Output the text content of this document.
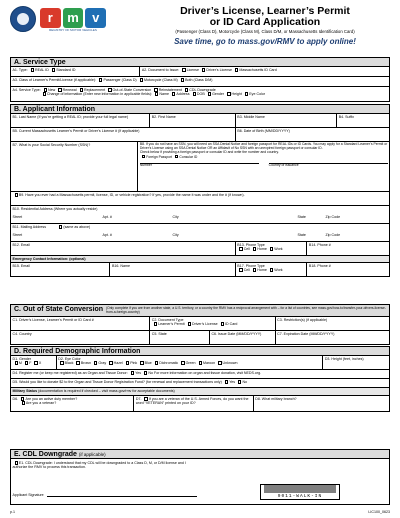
r	m	v
REGISTRY OF MOTOR VEHICLES
Driver’s License, Learner’s Permit
or ID Card Application
(Passenger (Class D), Motorcycle (Class M), Class D/M, or Massachusetts Identification Card)
Save time, go to mass.gov/RMV to apply online!
A. Service Type
A1. Type: REAL ID Standard ID	A2. Document to Issue: License Driver’s License Massachusetts ID Card
A3. Class of Learner’s Permit/License (if applicable): Passenger (Class D) Motorcycle (Class M) Both (Class D/M)
A4. Service Type: New Renewal Replacement Out-of-State Conversion Reinstatement CDL Downgrade
Change of information (Enter new information in applicable fields): Name Address DOB Gender Height Eye Color
B. Applicant Information
B1. Last Name (If you’re getting a REAL ID; provide your full legal name)	B2. First Name	B3. Middle Name	B4. Suffix
B5. Current Massachusetts Learner’s Permit or Driver’s License # (if applicable)	B6. Date of Birth (MM/DD/YYYY)
B7. What is your Social Security Number (SSN)?	B8. If you do not have an SSN, you will need an SSA Denial Notice and foreign passport for REAL IDs or ID Cards. You may apply for a Standard Learner’s Permit or Driver’s License using an SSA Denial Notice OR an Affidavit of No SSN with an unexpired foreign passport or consular ID.
Check below if providing a foreign passport or consular ID and write the number and country.
Foreign Passport Consular ID
Number	Country of issuance
B9. Have you ever had a Massachusetts permit, license, ID, or vehicle registration? If yes, provide the name it was under and the # (if known).
B10. Residential Address (Where you actually reside)
Street	Apt. #	City	State	Zip Code
B11. Mailing Address	(same as above)
Street	Apt. #	City	State	Zip Code
B12. Email	B13. Phone Type
Cell Home Work
B14. Phone #
Emergency Contact Information: (optional)
B15. Email	B16. Name	B17. Phone Type
Cell Home Work
B18. Phone #
C. Out of State Conversion (Only complete if you are from another state, a U.S. territory, or a country the RMV has a reciprocal arrangement with – for a list of countries, see mass.gov/how-to/transfer-your-drivers-license-from-a-foreign-country)
C1. Driver’s License, Learner’s Permit or ID Card #	C2. Document Type
Learner’s Permit Driver’s License ID Card
C3. Restriction(s) (if applicable)
C4. Country	C5. State	C6. Issue Date (MM/DD/YYYY)	C7. Expiration Date (MM/DD/YYYY)
D. Required Demographic Information
D1. Gender
M F X
D2. Eye Color
Black Brown Gray Hazel Pink Blue Dichromatic Green Maroon Unknown
D3. Height (feet, inches)
D4. Register me (or keep me registered) as an Organ and Tissue Donor: Yes No For more information on organ and tissue donation, visit NEDS.org.
D5. Would you like to donate $2 to the Organ and Tissue Donor Registration Fund? (for renewal and replacement transactions only) Yes No
Military Status (documentation is required if checked – visit mass.gov/rmv for acceptable documents)
D6. Are you an active duty member?
Are you a veteran?
D7. If you are a veteran of the U.S. Armed Forces, do you want the word “VETERAN” printed on your ID?
D8. What military branch?
E. CDL Downgrade (if applicable)
E1. CDL Downgrade: I understand that my CDL will be downgraded to a Class D, M, or D/M license and I authorize the RMV to process this transaction.
Applicant Signature	9011-WALK-IN
p.1	LIC100_0623
